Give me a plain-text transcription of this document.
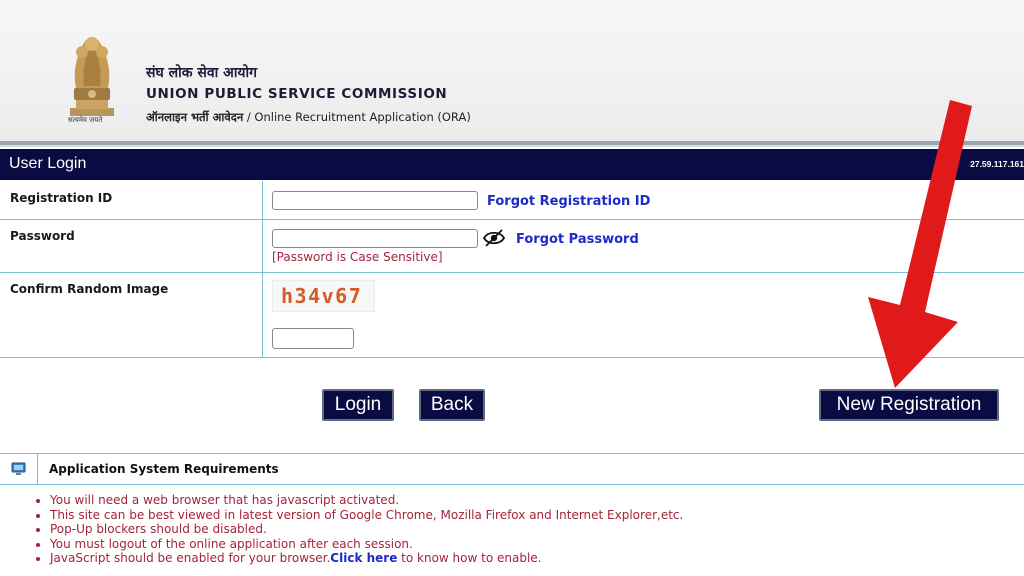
सत्यमेव जयते
संघ लोक सेवा आयोग
UNION PUBLIC SERVICE COMMISSION
ऑनलाइन भर्ती आवेदन / Online Recruitment Application (ORA)
User Login	27.59.117.161
Registration ID	Forgot Registration ID
Password	Forgot Password
[Password is Case Sensitive]
Confirm Random Image	h34v67
Login	Back	New Registration
Application System Requirements
• You will need a web browser that has javascript activated.
• This site can be best viewed in latest version of Google Chrome, Mozilla Firefox and Internet Explorer,etc.
• Pop-Up blockers should be disabled.
• You must logout of the online application after each session.
• JavaScript should be enabled for your browser.Click here to know how to enable.
